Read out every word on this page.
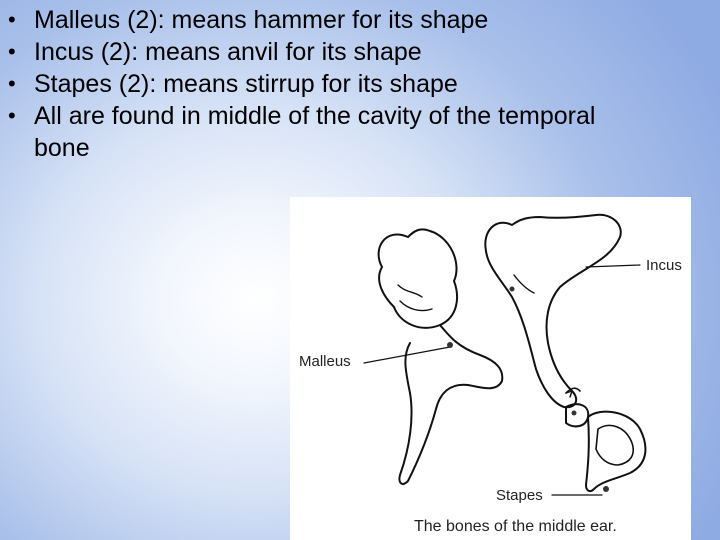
• Malleus (2): means hammer for its shape
• Incus (2): means anvil for its shape
• Stapes (2): means stirrup for its shape
• All are found in middle of the cavity of the temporal bone
Incus
Malleus
Stapes
The bones of the middle ear.
